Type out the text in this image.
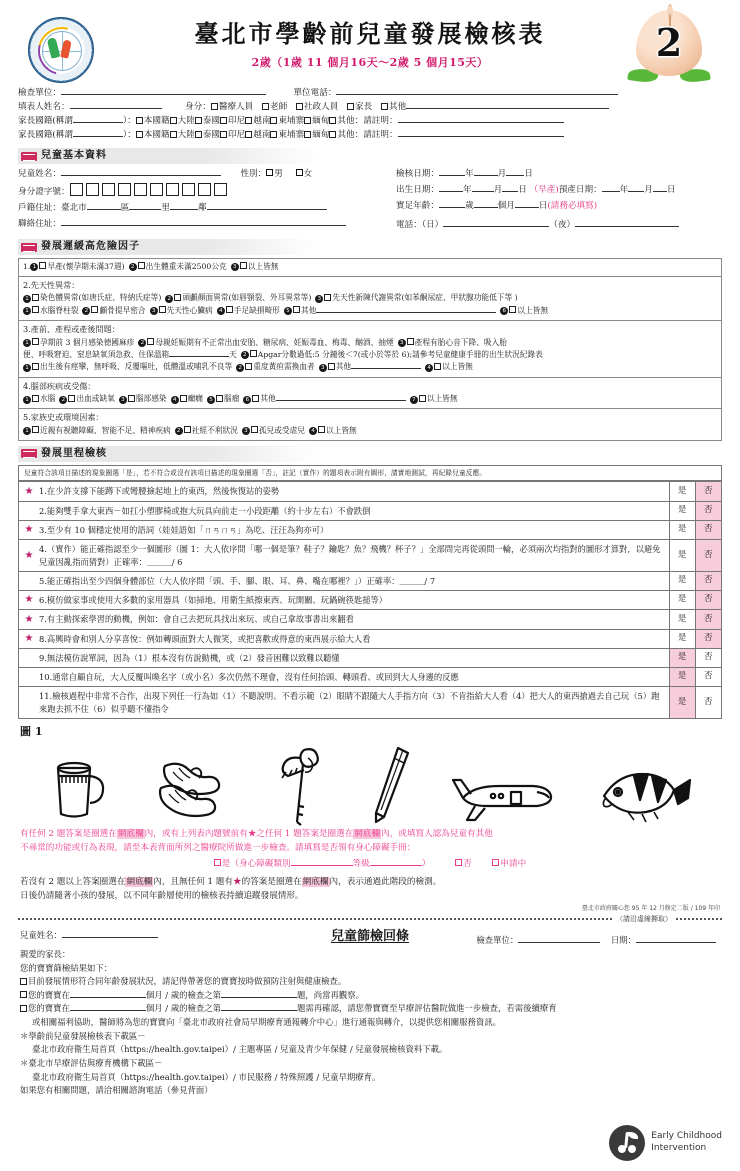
臺北市學齡前兒童發展檢核表
2歲（1歲 11 個月16天～2歲 5 個月15天）	2
檢查單位：	單位電話：
填表人姓名：	身分： 醫療人員 老師 社政人員 家長 其他
家長國籍(稱謂	）： 本國籍 大陸 泰國 印尼 越南 東埔寨 緬甸 其他：請註明：
家長國籍(稱謂	）： 本國籍 大陸 泰國 印尼 越南 東埔寨 緬甸 其他：請註明：
兒童基本資料
兒童姓名：	性別： 男 女
身分證字號：
戶籍住址：臺北市	區	里	鄰
聯絡住址：
檢核日期：	年	月 日
出生日期：	年	月 日 （早產)預產日期： 年 月 日
實足年齡：	歲	個月	日(請務必填寫)
電話：（日）	（夜）
發展遲緩高危險因子
1. 1 早產(懷孕期未滿37週) 2 出生體重未滿2500公克 3 以上皆無
2.先天性異常：
1 染色體異常(如唐氏症、特納氏症等) 2 頭顱顏面異常(如唇顎裂、外耳異常等) 3 先天性新陳代謝異常(如苯酮尿症、甲狀腺功能低下等 )
1 水腦脊柱裂 2 顱骨提早密合 3 先天性心臟病 4 手足缺損畸形 5 其他	6 以上皆無
3.產前、產程或產後問題：
1 孕期前 3 個月感染德國麻疹 2 母親妊娠期有不正常出血安胎、糖尿病、妊娠毒血、梅毒、酗酒、抽煙 3 產程有胎心音下降、吸入胎
便、呼吸窘迫、窒息缺氧須急救、住保溫箱	天 2 Apgar分數過低:5 分鐘後＜7(或小於等於 6);請參考兒童健康手冊的出生狀況紀錄表
1 出生後有痙攣，無呼吸、反覆嘔吐，低體溫或哺乳不良等 2 重度黃疸需換血者 3 其他	4 以上皆無
4.腦部疾病或受傷：
1 水腦 2 出血或缺氧 3 腦部感染 4 癲癇 5 腦瘤 6 其他	7 以上皆無
5.家族史或環境因素：
1 近親有視聽障礙、智能不足、精神疾病 2 社經不利狀況 3 孤兒或受虐兒 4 以上皆無
發展里程檢核
兒童符合該項目描述的現象圈選「是」，若不符合或沒有該項目描述的現象圈選「否」，註記（實作）的題項表示附有圖形，請實地測試，再紀錄兒童反應。
★	1.在少許支撐下能蹲下或彎腰撿起地上的東西，然後恢復站的姿勢	是	否
	2.能夠雙手拿大東西－如扛小塑膠椅或抱大玩具向前走一小段距離（約十步左右）不會跌倒	是	否
★	3.至少有 10 個穩定使用的語詞（娃娃語如「ㄇㄢㄇㄢ」為吃、汪汪為狗亦可）	是	否
★	4.（實作）能正確指認至少一個圖形（圖 1：大人依序問「哪一個是筆？鞋子？鑰匙？魚？飛機？杯子？」全部問完再從頭問一輪，必須兩次均指對的圖形才算對，以避免兒童因亂指而猜對）正確率：＿＿＿/ 6	是	否
	5.能正確指出至少四個身體部位（大人依序問「頭、手、腳、眼、耳、鼻、嘴在哪裡？」）正確率：＿＿＿/ 7	是	否
★	6.模仿做家事或使用大多數的家用器具（如掃地、用衛生紙擦東西、玩開關、玩鍋碗筷匙搥等）	是	否
★	7.有主動探索學習的動機，例如：會自己去把玩具找出來玩、或自己拿故事書出來翻看	是	否
★	8.高興時會和別人分享喜悅：例如轉頭面對大人微笑，或把喜歡或得意的東西展示給大人看	是	否
	9.無法模仿說單詞，因為（1）根本沒有仿說動機，或（2）發音困難以致難以聽懂	是	否
	10.通常自顧自玩，大人反覆叫喚名字（或小名）多次仍然不理會，沒有任何抬頭、轉頭看、或回到大人身邊的反應	是	否
	11.檢核過程中非常不合作，出現下列任一行為如（1）不聽說明、不看示範（2）眼睛不跟隨大人手指方向（3）不肯指給大人看（4）把大人的東西搶過去自己玩（5）跑來跑去抓不住（6）似乎聽不懂指令	是	否
圖 1
有任何 2 題答案是圈選在網底欄內，或有上列表內題號前有★之任何 1 題答案是圈選在網底欄內，或填寫人認為兒童有其他
不尋常的功能或行為表現，請至本表背面所列之醫療院所做進一步檢查。請填寫是否領有身心障礙手冊：
是（身心障礙類別	等級	）	否	申請中
若沒有 2 題以上答案圈選在網底欄內，且無任何 1 題有★的答案是圈選在網底欄內，表示通過此階段的檢測。
日後仍請隨著小孩的發展，以不同年齡層使用的檢核表持續追蹤發展情形。
臺北市政府關心您 95 年 12 月修定二版 / 109 年印
（請沿虛線撕取）
兒童姓名：	兒童篩檢回條	檢查單位：	日期：
親愛的家長：
您的寶寶篩檢結果如下：
目前發展情形符合同年齡發展狀況，請記得帶著您的寶寶按時做預防注射與健康檢查。
您的寶寶在	個月 / 歲的檢查之第	題，尚當再觀察。
您的寶寶在	個月 / 歲的檢查之第	題需再確認，請您帶寶寶至早療評估醫院做進一步檢查，若需後續療育
或相關福利協助，醫師將為您的寶寶向「臺北市政府社會局早期療育通報轉介中心」進行通報與轉介，以提供您相關服務資訊。
＊學齡前兒童發展檢核表下載區－
臺北市政府衛生局首頁（https://health.gov.taipei）/ 主題專區 / 兒童及青少年保健 / 兒童發展檢核資料下載。
＊臺北市早療評估與療育機構下載區－
臺北市政府衛生局首頁（https://health.gov.taipei）/ 市民服務 / 特殊照護 / 兒童早期療育。
如果您有相關問題，請洽相關諮詢電話（參見背面）
Early Childhood
Intervention
